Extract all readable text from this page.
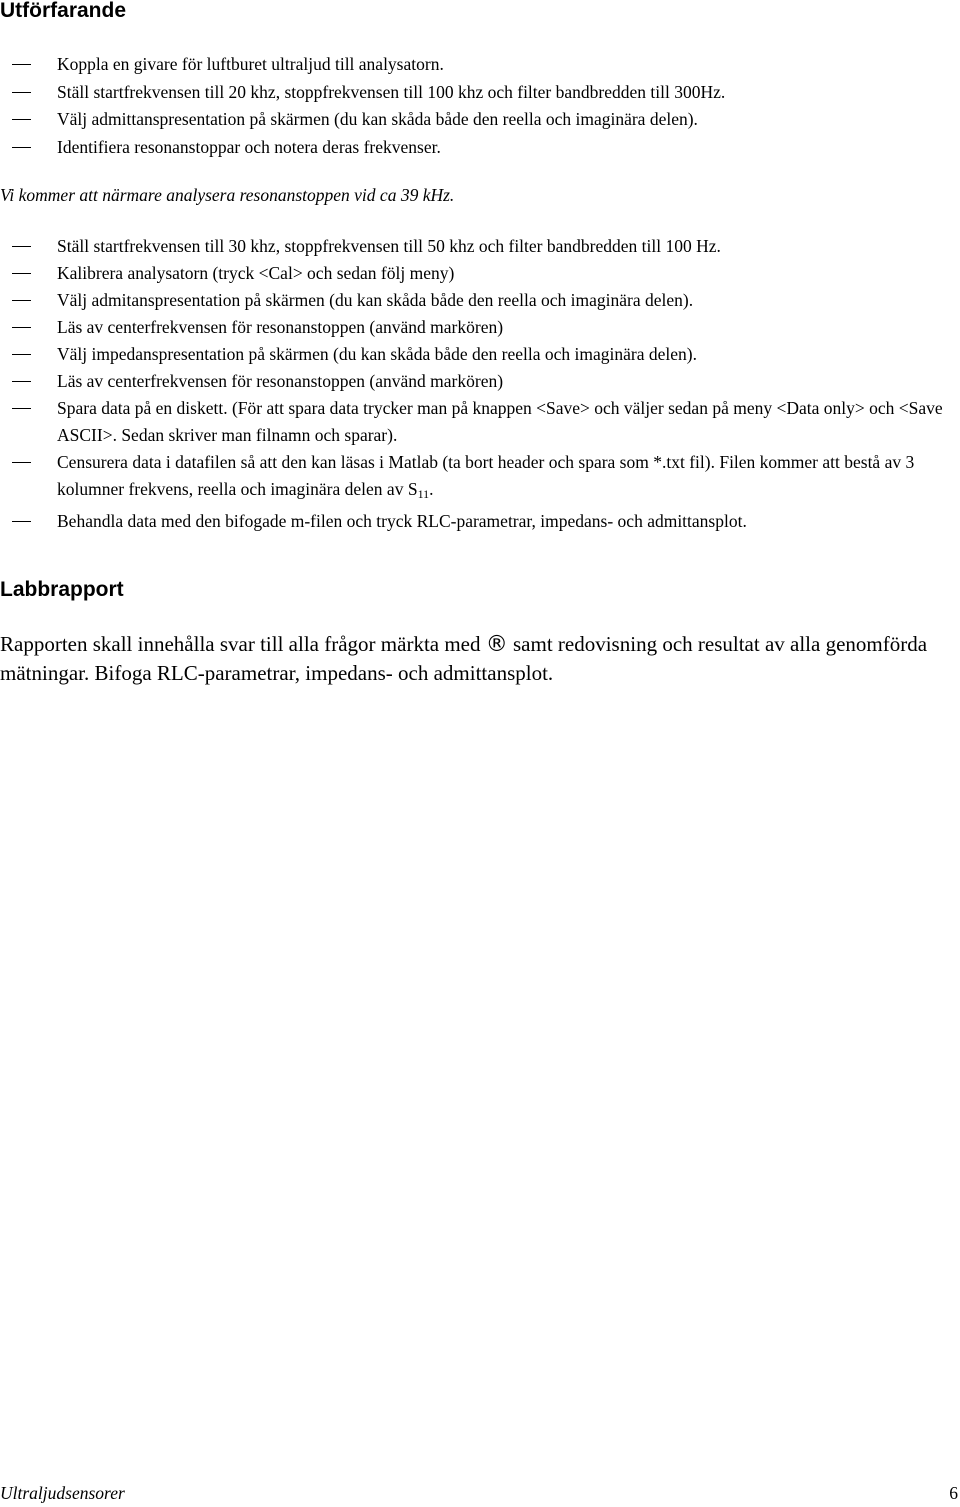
Utförfarande
Koppla en givare för luftburet ultraljud till analysatorn.
Ställ startfrekvensen till 20 khz, stoppfrekvensen till 100 khz och filter bandbredden till 300Hz.
Välj admittanspresentation på skärmen (du kan skåda både den reella och imaginära delen).
Identifiera resonanstoppar och notera deras frekvenser.

Vi kommer att närmare analysera resonanstoppen vid ca 39 kHz.

Ställ startfrekvensen till 30 khz, stoppfrekvensen till 50 khz och filter bandbredden till 100 Hz.
Kalibrera analysatorn (tryck <Cal> och sedan följ meny)
Välj admitanspresentation på skärmen (du kan skåda både den reella och imaginära delen).
Läs av centerfrekvensen för resonanstoppen (använd markören)
Välj impedanspresentation på skärmen (du kan skåda både den reella och imaginära delen).
Läs av centerfrekvensen för resonanstoppen (använd markören)
Spara data på en diskett. (För att spara data trycker man på knappen <Save> och väljer sedan på meny <Data only> och <Save ASCII>. Sedan skriver man filnamn och sparar).
Censurera data i datafilen så att den kan läsas i Matlab (ta bort header och spara som *.txt fil). Filen kommer att bestå av 3 kolumner frekvens, reella och imaginära delen av $S_{11}$.
Behandla data med den bifogade m-filen och tryck RLC-parametrar, impedans- och admittansplot.
Labbrapport

Rapporten skall innehålla svar till alla frågor märkta med ® samt redovisning och resultat av alla genomförda mätningar. Bifoga RLC-parametrar, impedans- och admittansplot.

Ultraljudsensorer	6
